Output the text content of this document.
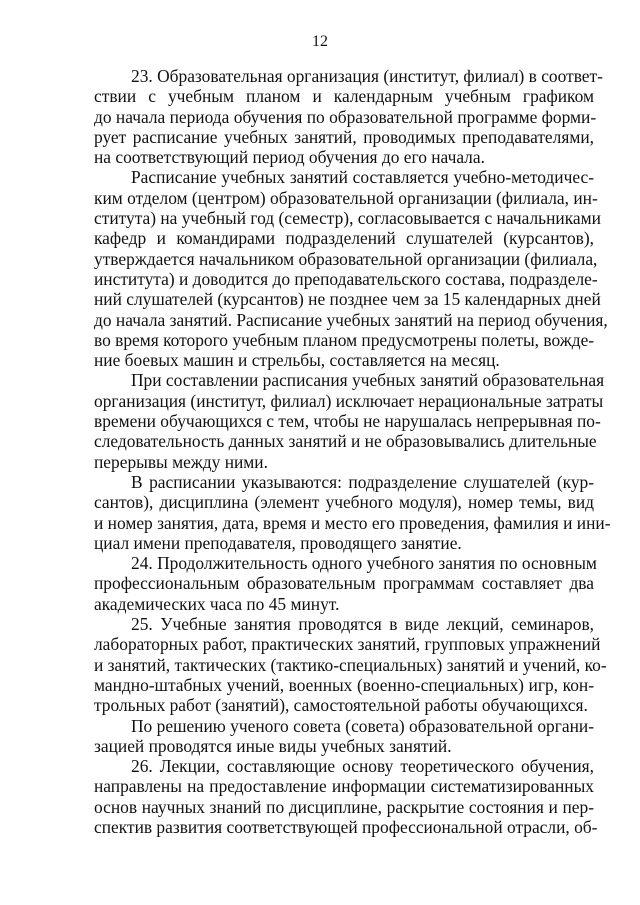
12

23. Образовательная организация (институт, филиал) в соответ-
ствии с учебным планом и календарным учебным графиком
до начала периода обучения по образовательной программе форми-
рует расписание учебных занятий, проводимых преподавателями,
на соответствующий период обучения до его начала.

Расписание учебных занятий составляется учебно-методичес-
ким отделом (центром) образовательной организации (филиала, ин-
ститута) на учебный год (семестр), согласовывается с начальниками
кафедр и командирами подразделений слушателей (курсантов),
утверждается начальником образовательной организации (филиала,
института) и доводится до преподавательского состава, подразделе-
ний слушателей (курсантов) не позднее чем за 15 календарных дней
до начала занятий. Расписание учебных занятий на период обучения,
во время которого учебным планом предусмотрены полеты, вожде-
ние боевых машин и стрельбы, составляется на месяц.

При составлении расписания учебных занятий образовательная
организация (институт, филиал) исключает нерациональные затраты
времени обучающихся с тем, чтобы не нарушалась непрерывная по-
следовательность данных занятий и не образовывались длительные
перерывы между ними.

В расписании указываются: подразделение слушателей (кур-
сантов), дисциплина (элемент учебного модуля), номер темы, вид
и номер занятия, дата, время и место его проведения, фамилия и ини-
циал имени преподавателя, проводящего занятие.

24. Продолжительность одного учебного занятия по основным
профессиональным образовательным программам составляет два
академических часа по 45 минут.

25. Учебные занятия проводятся в виде лекций, семинаров,
лабораторных работ, практических занятий, групповых упражнений
и занятий, тактических (тактико-специальных) занятий и учений, ко-
мандно-штабных учений, военных (военно-специальных) игр, кон-
трольных работ (занятий), самостоятельной работы обучающихся.

По решению ученого совета (совета) образовательной органи-
зацией проводятся иные виды учебных занятий.

26. Лекции, составляющие основу теоретического обучения,
направлены на предоставление информации систематизированных
основ научных знаний по дисциплине, раскрытие состояния и пер-
спектив развития соответствующей профессиональной отрасли, об-
